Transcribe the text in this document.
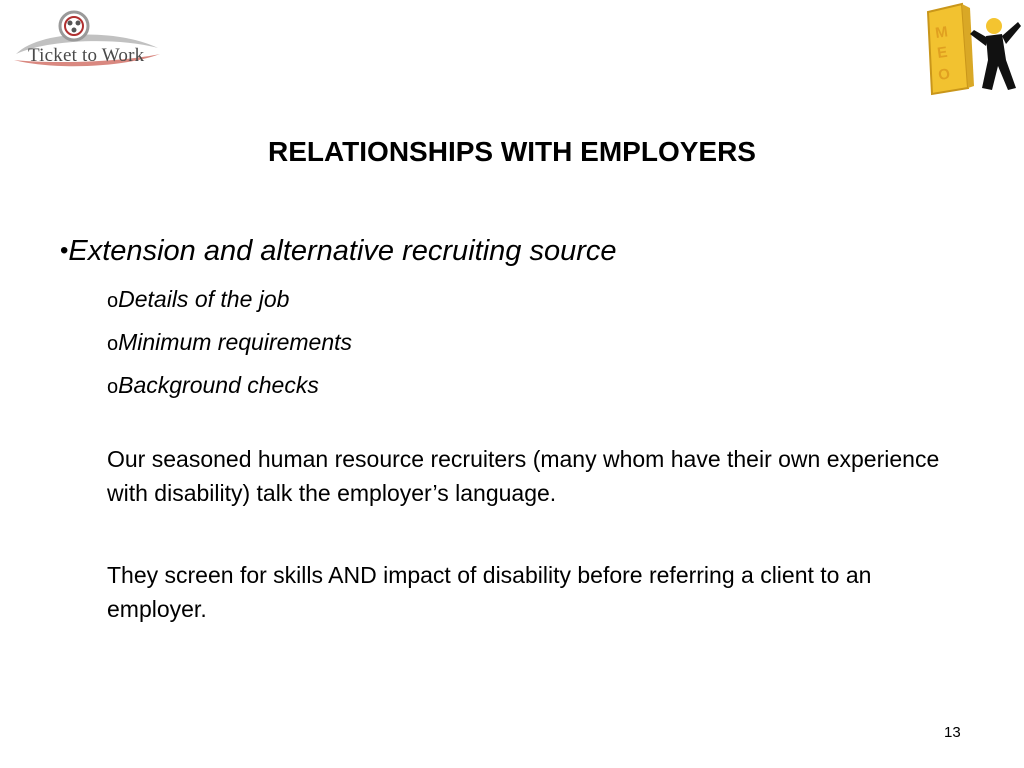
Ticket to Work
M
E
O
RELATIONSHIPS WITH EMPLOYERS
•Extension and alternative recruiting source
oDetails of the job
oMinimum requirements
oBackground checks
Our seasoned human resource recruiters (many whom have their own experience with disability) talk the employer’s language.
They screen for skills AND impact of disability before referring a client to an employer.
13
